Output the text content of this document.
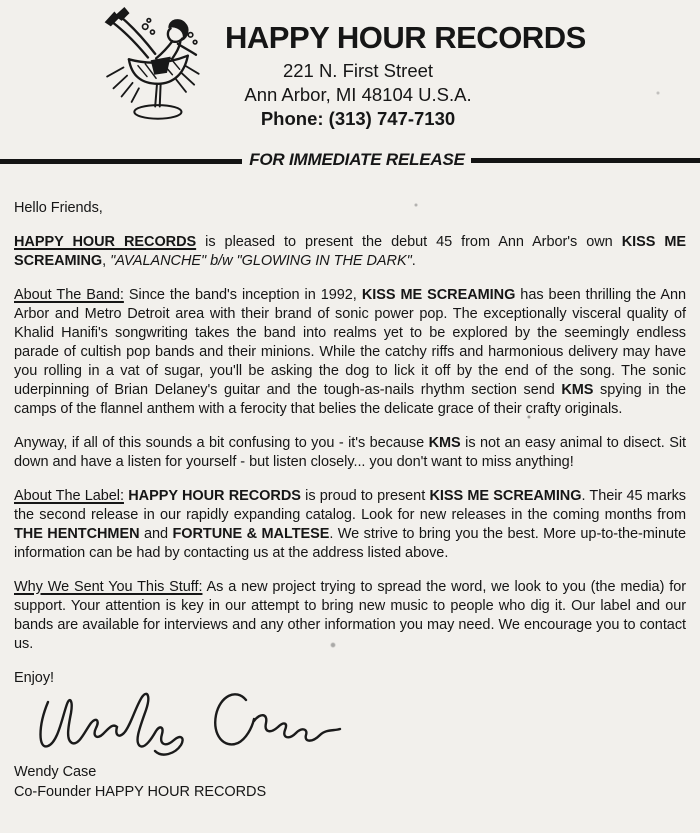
HAPPY HOUR RECORDS
221 N. First Street
Ann Arbor, MI 48104 U.S.A.
Phone: (313) 747-7130
FOR IMMEDIATE RELEASE

Hello Friends,

HAPPY HOUR RECORDS is pleased to present the debut 45 from Ann Arbor's own KISS ME SCREAMING, "AVALANCHE" b/w "GLOWING IN THE DARK".

About The Band: Since the band's inception in 1992, KISS ME SCREAMING has been thrilling the Ann Arbor and Metro Detroit area with their brand of sonic power pop. The exceptionally visceral quality of Khalid Hanifi's songwriting takes the band into realms yet to be explored by the seemingly endless parade of cultish pop bands and their minions. While the catchy riffs and harmonious delivery may have you rolling in a vat of sugar, you'll be asking the dog to lick it off by the end of the song. The sonic uderpinning of Brian Delaney's guitar and the tough-as-nails rhythm section send KMS spying in the camps of the flannel anthem with a ferocity that belies the delicate grace of their crafty originals.

Anyway, if all of this sounds a bit confusing to you - it's because KMS is not an easy animal to disect. Sit down and have a listen for yourself - but listen closely... you don't want to miss anything!

About The Label: HAPPY HOUR RECORDS is proud to present KISS ME SCREAMING. Their 45 marks the second release in our rapidly expanding catalog. Look for new releases in the coming months from THE HENTCHMEN and FORTUNE & MALTESE. We strive to bring you the best. More up-to-the-minute information can be had by contacting us at the address listed above.

Why We Sent You This Stuff: As a new project trying to spread the word, we look to you (the media) for support. Your attention is key in our attempt to bring new music to people who dig it. Our label and our bands are available for interviews and any other information you may need. We encourage you to contact us.

Enjoy!

Wendy Case
Co-Founder HAPPY HOUR RECORDS
